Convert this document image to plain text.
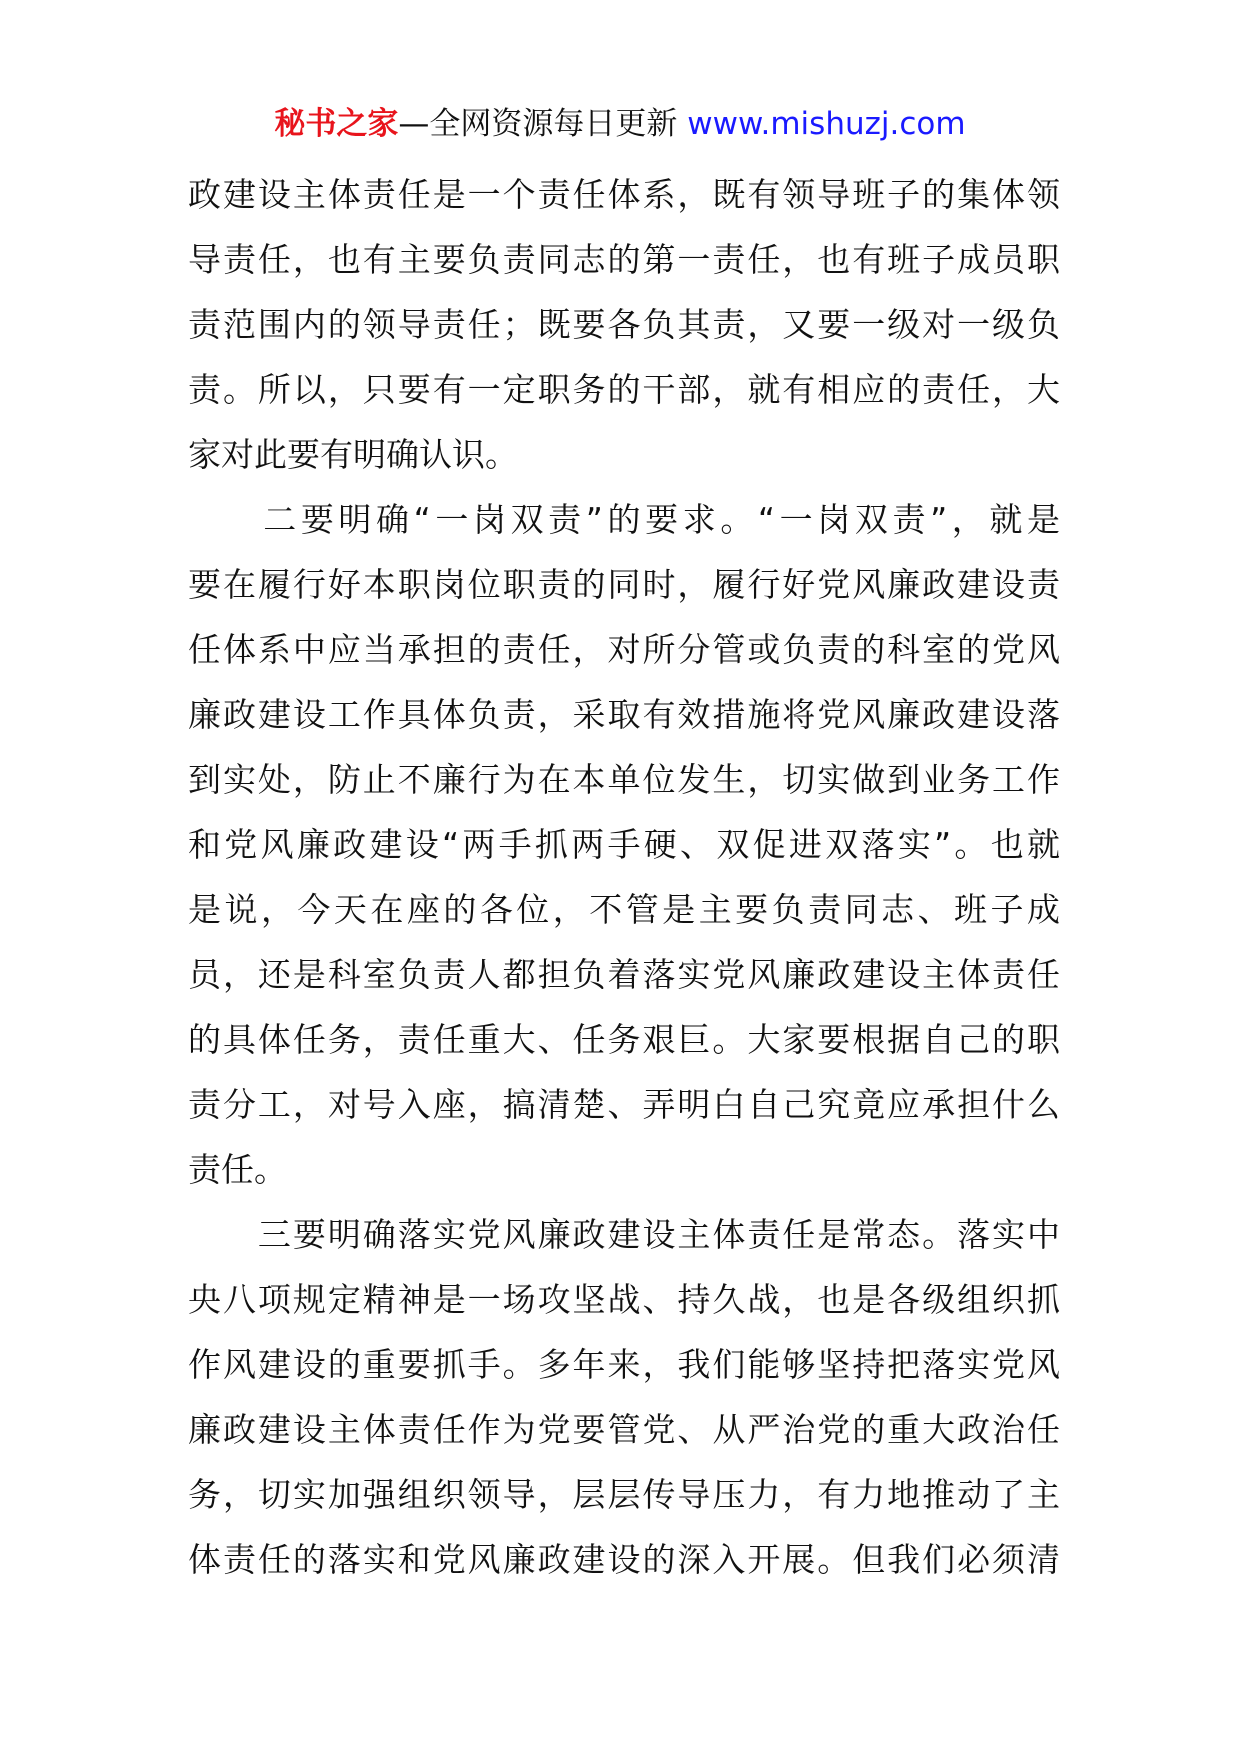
秘书之家—全网资源每日更新 www.mishuzj.com
政建设主体责任是一个责任体系，既有领导班子的集体领
导责任，也有主要负责同志的第一责任，也有班子成员职
责范围内的领导责任；既要各负其责，又要一级对一级负
责。所以，只要有一定职务的干部，就有相应的责任，大
家对此要有明确认识。
　　二要明确“一岗双责”的要求。“一岗双责”，就是
要在履行好本职岗位职责的同时，履行好党风廉政建设责
任体系中应当承担的责任，对所分管或负责的科室的党风
廉政建设工作具体负责，采取有效措施将党风廉政建设落
到实处，防止不廉行为在本单位发生，切实做到业务工作
和党风廉政建设“两手抓两手硬、双促进双落实”。也就
是说，今天在座的各位，不管是主要负责同志、班子成
员，还是科室负责人都担负着落实党风廉政建设主体责任
的具体任务，责任重大、任务艰巨。大家要根据自己的职
责分工，对号入座，搞清楚、弄明白自己究竟应承担什么
责任。
　　三要明确落实党风廉政建设主体责任是常态。落实中
央八项规定精神是一场攻坚战、持久战，也是各级组织抓
作风建设的重要抓手。多年来，我们能够坚持把落实党风
廉政建设主体责任作为党要管党、从严治党的重大政治任
务，切实加强组织领导，层层传导压力，有力地推动了主
体责任的落实和党风廉政建设的深入开展。但我们必须清
